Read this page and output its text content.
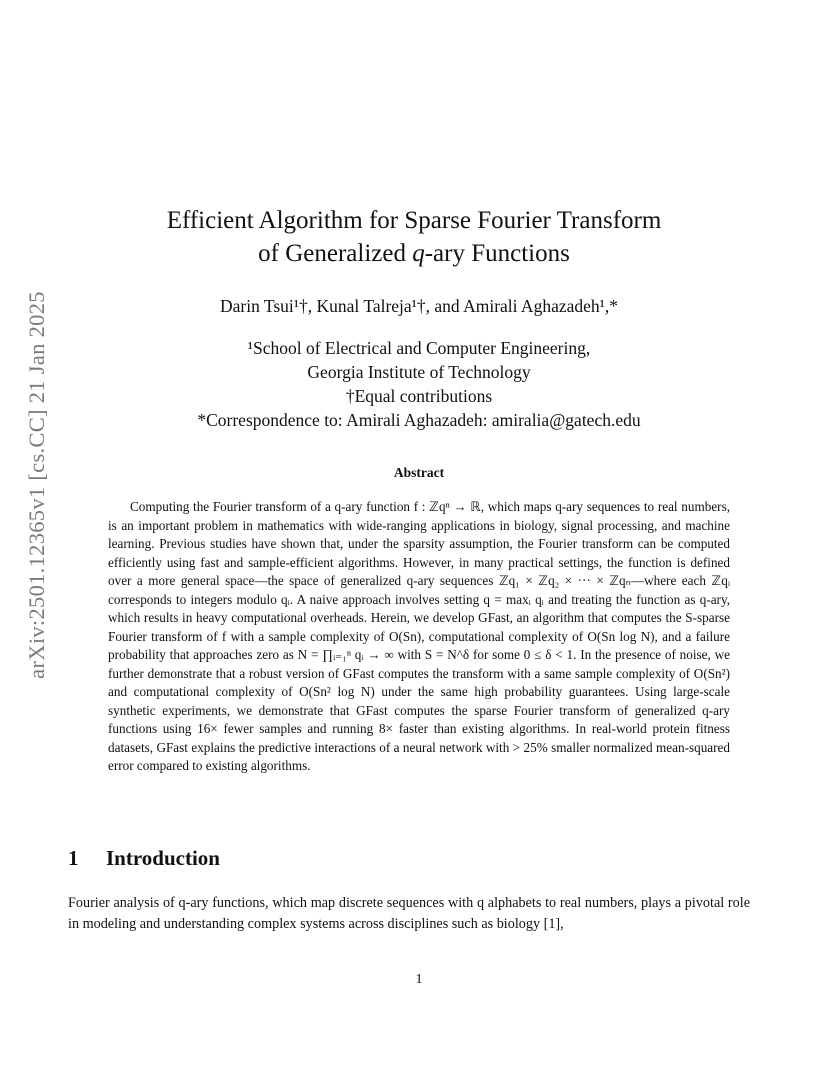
arXiv:2501.12365v1 [cs.CC] 21 Jan 2025
Efficient Algorithm for Sparse Fourier Transform
of Generalized q-ary Functions
Darin Tsui¹†, Kunal Talreja¹†, and Amirali Aghazadeh¹,*
¹School of Electrical and Computer Engineering,
Georgia Institute of Technology
†Equal contributions
*Correspondence to: Amirali Aghazadeh: amiralia@gatech.edu
Abstract
Computing the Fourier transform of a q-ary function f : ℤqⁿ → ℝ, which maps q-ary sequences to real numbers, is an important problem in mathematics with wide-ranging applications in biology, signal processing, and machine learning. Previous studies have shown that, under the sparsity assumption, the Fourier transform can be computed efficiently using fast and sample-efficient algorithms. However, in many practical settings, the function is defined over a more general space—the space of generalized q-ary sequences ℤq₁ × ℤq₂ × ··· × ℤqₙ—where each ℤqᵢ corresponds to integers modulo qᵢ. A naive approach involves setting q = maxᵢ qᵢ and treating the function as q-ary, which results in heavy computational overheads. Herein, we develop GFast, an algorithm that computes the S-sparse Fourier transform of f with a sample complexity of O(Sn), computational complexity of O(Sn log N), and a failure probability that approaches zero as N = ∏ᵢ₌₁ⁿ qᵢ → ∞ with S = N^δ for some 0 ≤ δ < 1. In the presence of noise, we further demonstrate that a robust version of GFast computes the transform with a same sample complexity of O(Sn²) and computational complexity of O(Sn² log N) under the same high probability guarantees. Using large-scale synthetic experiments, we demonstrate that GFast computes the sparse Fourier transform of generalized q-ary functions using 16× fewer samples and running 8× faster than existing algorithms. In real-world protein fitness datasets, GFast explains the predictive interactions of a neural network with > 25% smaller normalized mean-squared error compared to existing algorithms.
1 Introduction
Fourier analysis of q-ary functions, which map discrete sequences with q alphabets to real numbers, plays a pivotal role in modeling and understanding complex systems across disciplines such as biology [1],
1
